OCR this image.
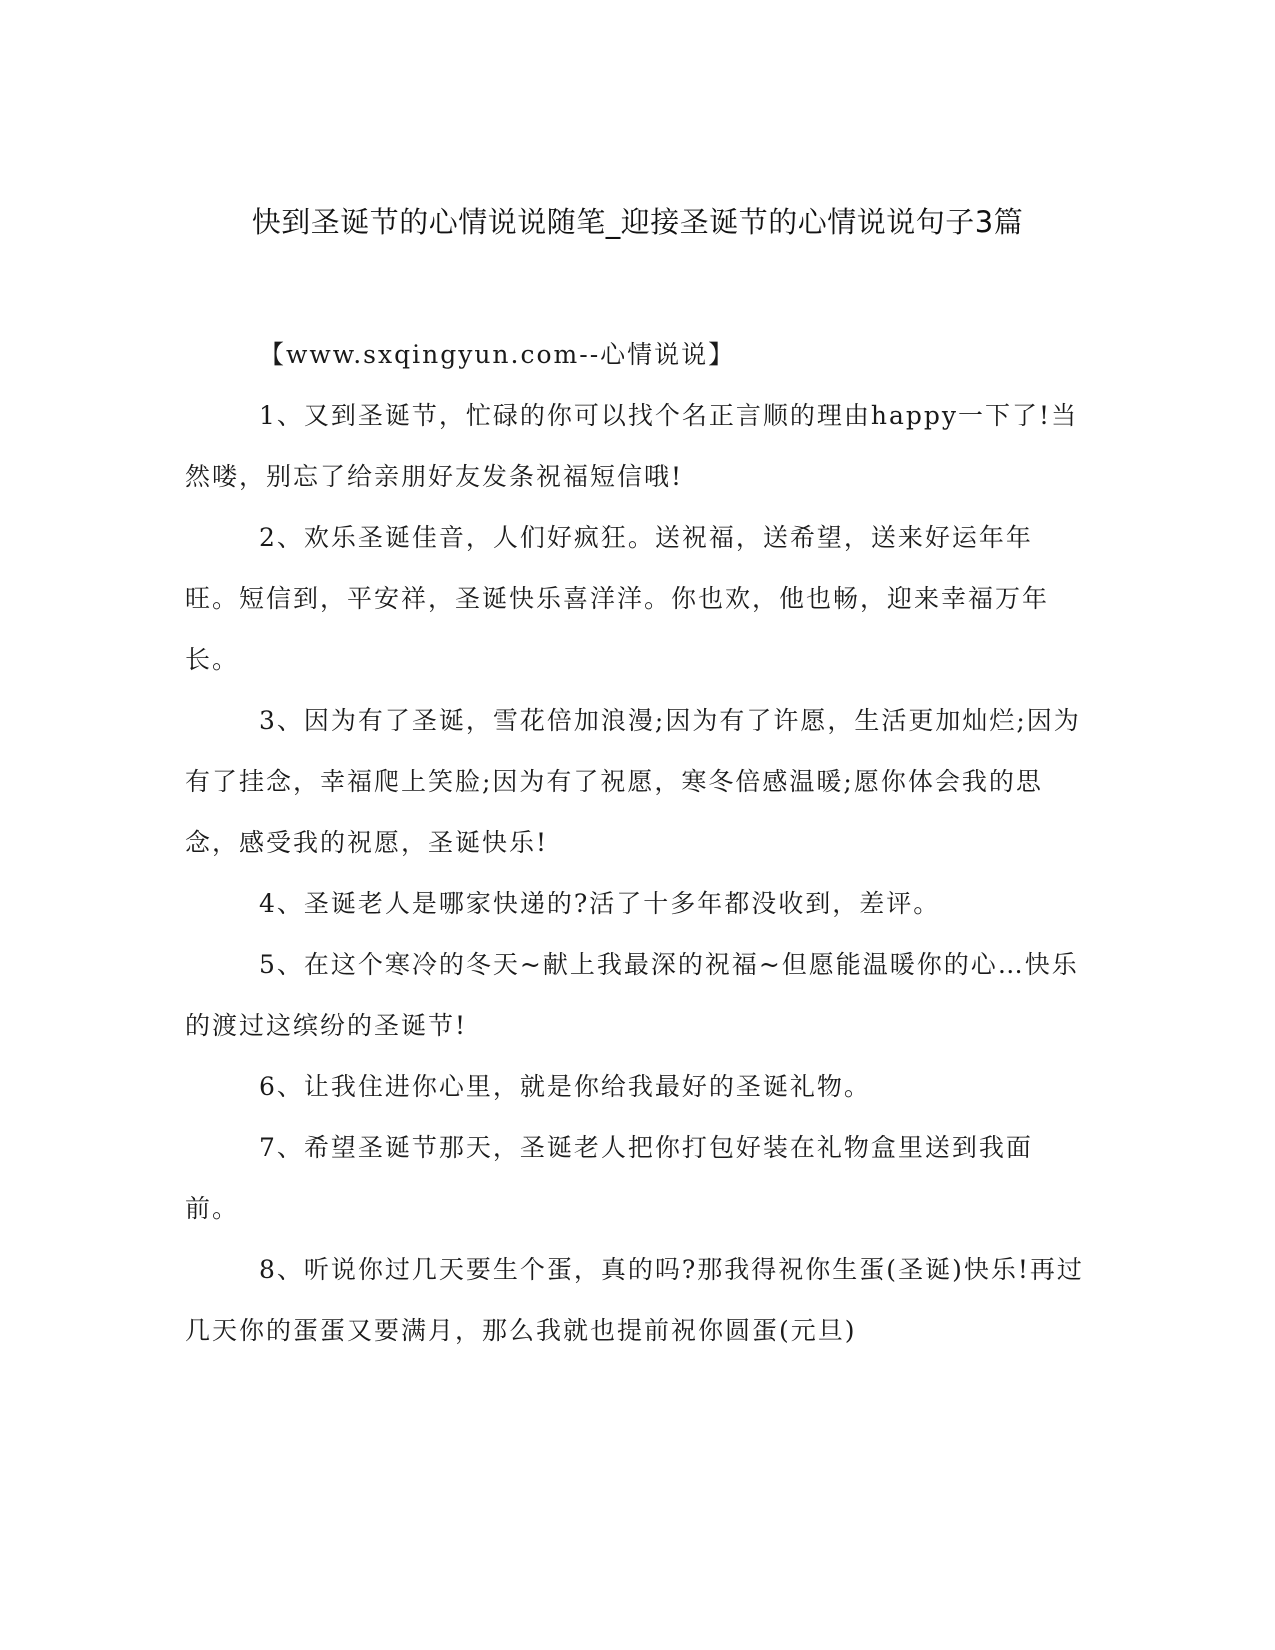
快到圣诞节的心情说说随笔_迎接圣诞节的心情说说句子3篇

【www.sxqingyun.com--心情说说】

1、又到圣诞节，忙碌的你可以找个名正言顺的理由happy一下了!当然喽，别忘了给亲朋好友发条祝福短信哦!

2、欢乐圣诞佳音，人们好疯狂。送祝福，送希望，送来好运年年旺。短信到，平安祥，圣诞快乐喜洋洋。你也欢，他也畅，迎来幸福万年长。

3、因为有了圣诞，雪花倍加浪漫;因为有了许愿，生活更加灿烂;因为有了挂念，幸福爬上笑脸;因为有了祝愿，寒冬倍感温暖;愿你体会我的思念，感受我的祝愿，圣诞快乐!

4、圣诞老人是哪家快递的?活了十多年都没收到，差评。

5、在这个寒冷的冬天~献上我最深的祝福~但愿能温暖你的心…快乐的渡过这缤纷的圣诞节!

6、让我住进你心里，就是你给我最好的圣诞礼物。

7、希望圣诞节那天，圣诞老人把你打包好装在礼物盒里送到我面前。

8、听说你过几天要生个蛋，真的吗?那我得祝你生蛋(圣诞)快乐!再过几天你的蛋蛋又要满月，那么我就也提前祝你圆蛋(元旦)
